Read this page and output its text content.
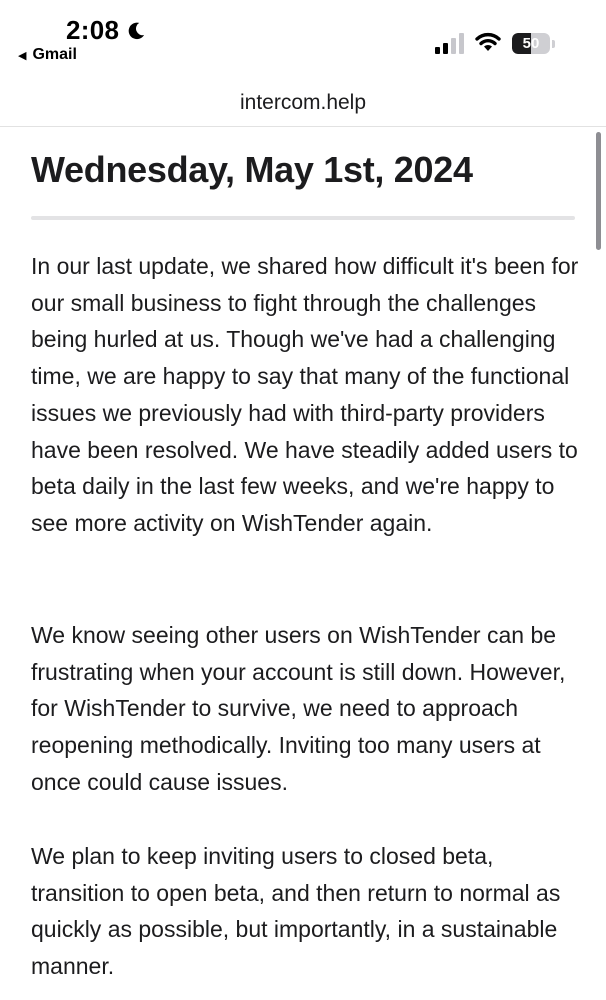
2:08
◀ Gmail
50
intercom.help
Wednesday, May 1st, 2024

In our last update, we shared how difficult it's been for our small business to fight through the challenges being hurled at us. Though we've had a challenging time, we are happy to say that many of the functional issues we previously had with third-party providers have been resolved. We have steadily added users to beta daily in the last few weeks, and we're happy to see more activity on WishTender again.

We know seeing other users on WishTender can be frustrating when your account is still down. However, for WishTender to survive, we need to approach reopening methodically. Inviting too many users at once could cause issues.

We plan to keep inviting users to closed beta, transition to open beta, and then return to normal as quickly as possible, but importantly, in a sustainable manner.
